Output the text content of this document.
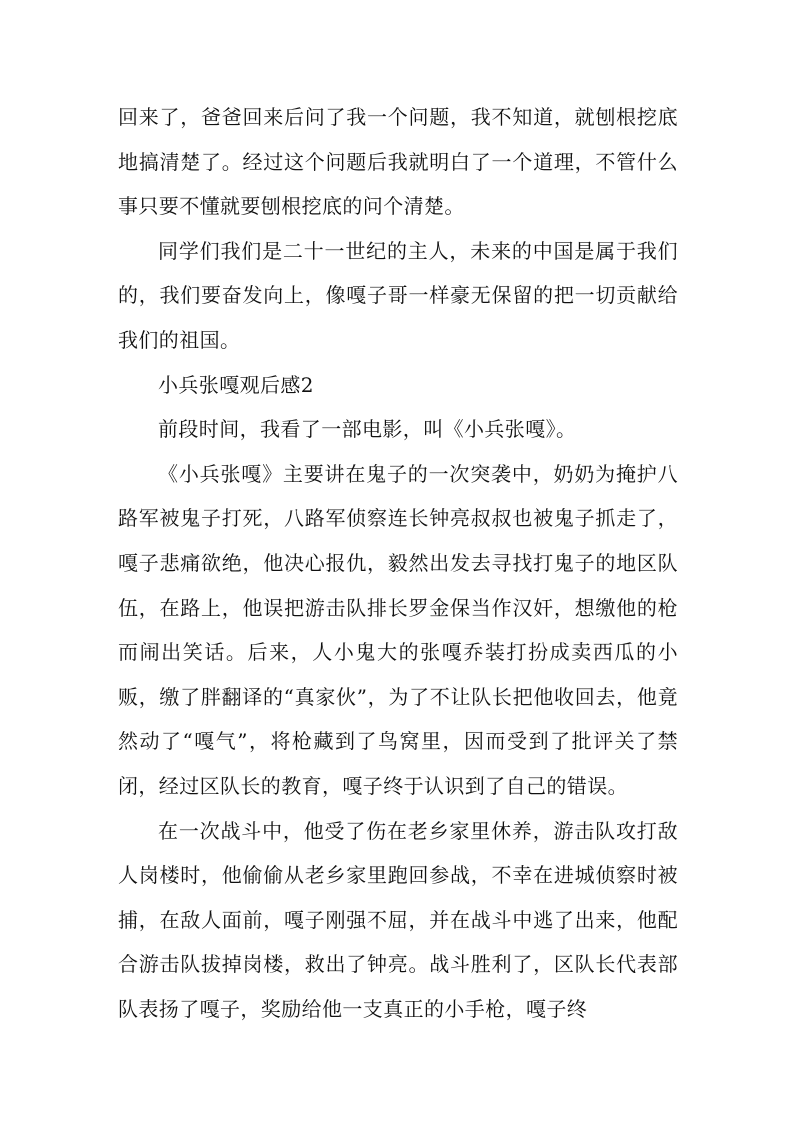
回来了，爸爸回来后问了我一个问题，我不知道，就刨根挖底地搞清楚了。经过这个问题后我就明白了一个道理，不管什么事只要不懂就要刨根挖底的问个清楚。

同学们我们是二十一世纪的主人，未来的中国是属于我们的，我们要奋发向上，像嘎子哥一样豪无保留的把一切贡献给我们的祖国。

小兵张嘎观后感2

前段时间，我看了一部电影，叫《小兵张嘎》。

《小兵张嘎》主要讲在鬼子的一次突袭中，奶奶为掩护八路军被鬼子打死，八路军侦察连长钟亮叔叔也被鬼子抓走了，嘎子悲痛欲绝，他决心报仇，毅然出发去寻找打鬼子的地区队伍，在路上，他误把游击队排长罗金保当作汉奸，想缴他的枪而闹出笑话。后来，人小鬼大的张嘎乔装打扮成卖西瓜的小贩，缴了胖翻译的“真家伙”，为了不让队长把他收回去，他竟然动了“嘎气”，将枪藏到了鸟窝里，因而受到了批评关了禁闭，经过区队长的教育，嘎子终于认识到了自己的错误。

在一次战斗中，他受了伤在老乡家里休养，游击队攻打敌人岗楼时，他偷偷从老乡家里跑回参战，不幸在进城侦察时被捕，在敌人面前，嘎子刚强不屈，并在战斗中逃了出来，他配合游击队拔掉岗楼，救出了钟亮。战斗胜利了，区队长代表部队表扬了嘎子，奖励给他一支真正的小手枪，嘎子终
